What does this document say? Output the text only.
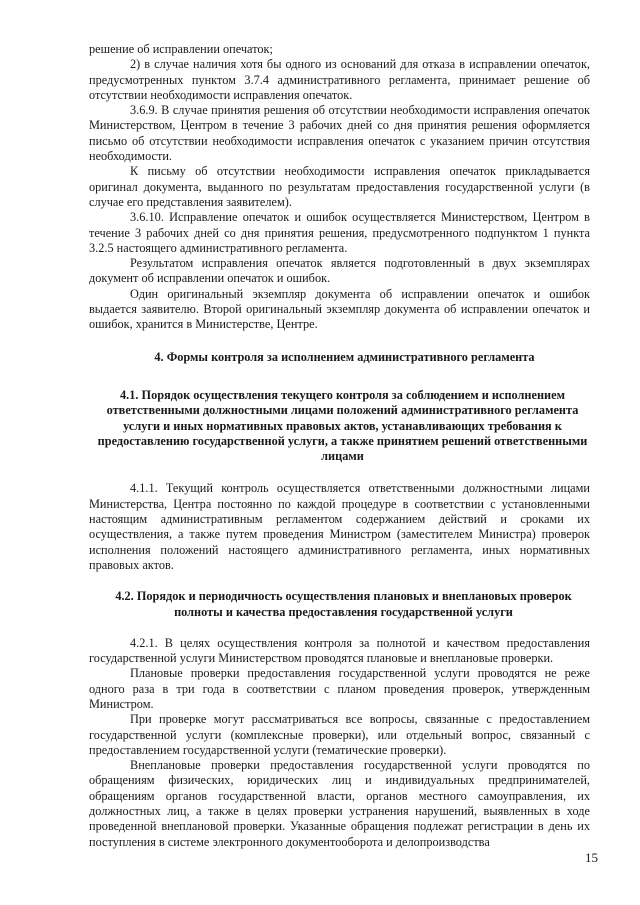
решение об исправлении опечаток;

2) в случае наличия хотя бы одного из оснований для отказа в исправлении опечаток, предусмотренных пунктом 3.7.4 административного регламента, принимает решение об отсутствии необходимости исправления опечаток.

3.6.9. В случае принятия решения об отсутствии необходимости исправления опечаток Министерством, Центром в течение 3 рабочих дней со дня принятия решения оформляется письмо об отсутствии необходимости исправления опечаток с указанием причин отсутствия необходимости.

К письму об отсутствии необходимости исправления опечаток прикладывается оригинал документа, выданного по результатам предоставления государственной услуги (в случае его представления заявителем).

3.6.10. Исправление опечаток и ошибок осуществляется Министерством, Центром в течение 3 рабочих дней со дня принятия решения, предусмотренного подпунктом 1 пункта 3.2.5 настоящего административного регламента.

Результатом исправления опечаток является подготовленный в двух экземплярах документ об исправлении опечаток и ошибок.

Один оригинальный экземпляр документа об исправлении опечаток и ошибок выдается заявителю. Второй оригинальный экземпляр документа об исправлении опечаток и ошибок, хранится в Министерстве, Центре.

4. Формы контроля за исполнением административного регламента
4.1. Порядок осуществления текущего контроля за соблюдением и исполнением ответственными должностными лицами положений административного регламента услуги и иных нормативных правовых актов, устанавливающих требования к предоставлению государственной услуги, а также принятием решений ответственными лицами

4.1.1. Текущий контроль осуществляется ответственными должностными лицами Министерства, Центра постоянно по каждой процедуре в соответствии с установленными настоящим административным регламентом содержанием действий и сроками их осуществления, а также путем проведения Министром (заместителем Министра) проверок исполнения положений настоящего административного регламента, иных нормативных правовых актов.

4.2. Порядок и периодичность осуществления плановых и внеплановых проверок полноты и качества предоставления государственной услуги

4.2.1. В целях осуществления контроля за полнотой и качеством предоставления государственной услуги Министерством проводятся плановые и внеплановые проверки.

Плановые проверки предоставления государственной услуги проводятся не реже одного раза в три года в соответствии с планом проведения проверок, утвержденным Министром.

При проверке могут рассматриваться все вопросы, связанные с предоставлением государственной услуги (комплексные проверки), или отдельный вопрос, связанный с предоставлением государственной услуги (тематические проверки).

Внеплановые проверки предоставления государственной услуги проводятся по обращениям физических, юридических лиц и индивидуальных предпринимателей, обращениям органов государственной власти, органов местного самоуправления, их должностных лиц, а также в целях проверки устранения нарушений, выявленных в ходе проведенной внеплановой проверки. Указанные обращения подлежат регистрации в день их поступления в системе электронного документооборота и делопроизводства

15
